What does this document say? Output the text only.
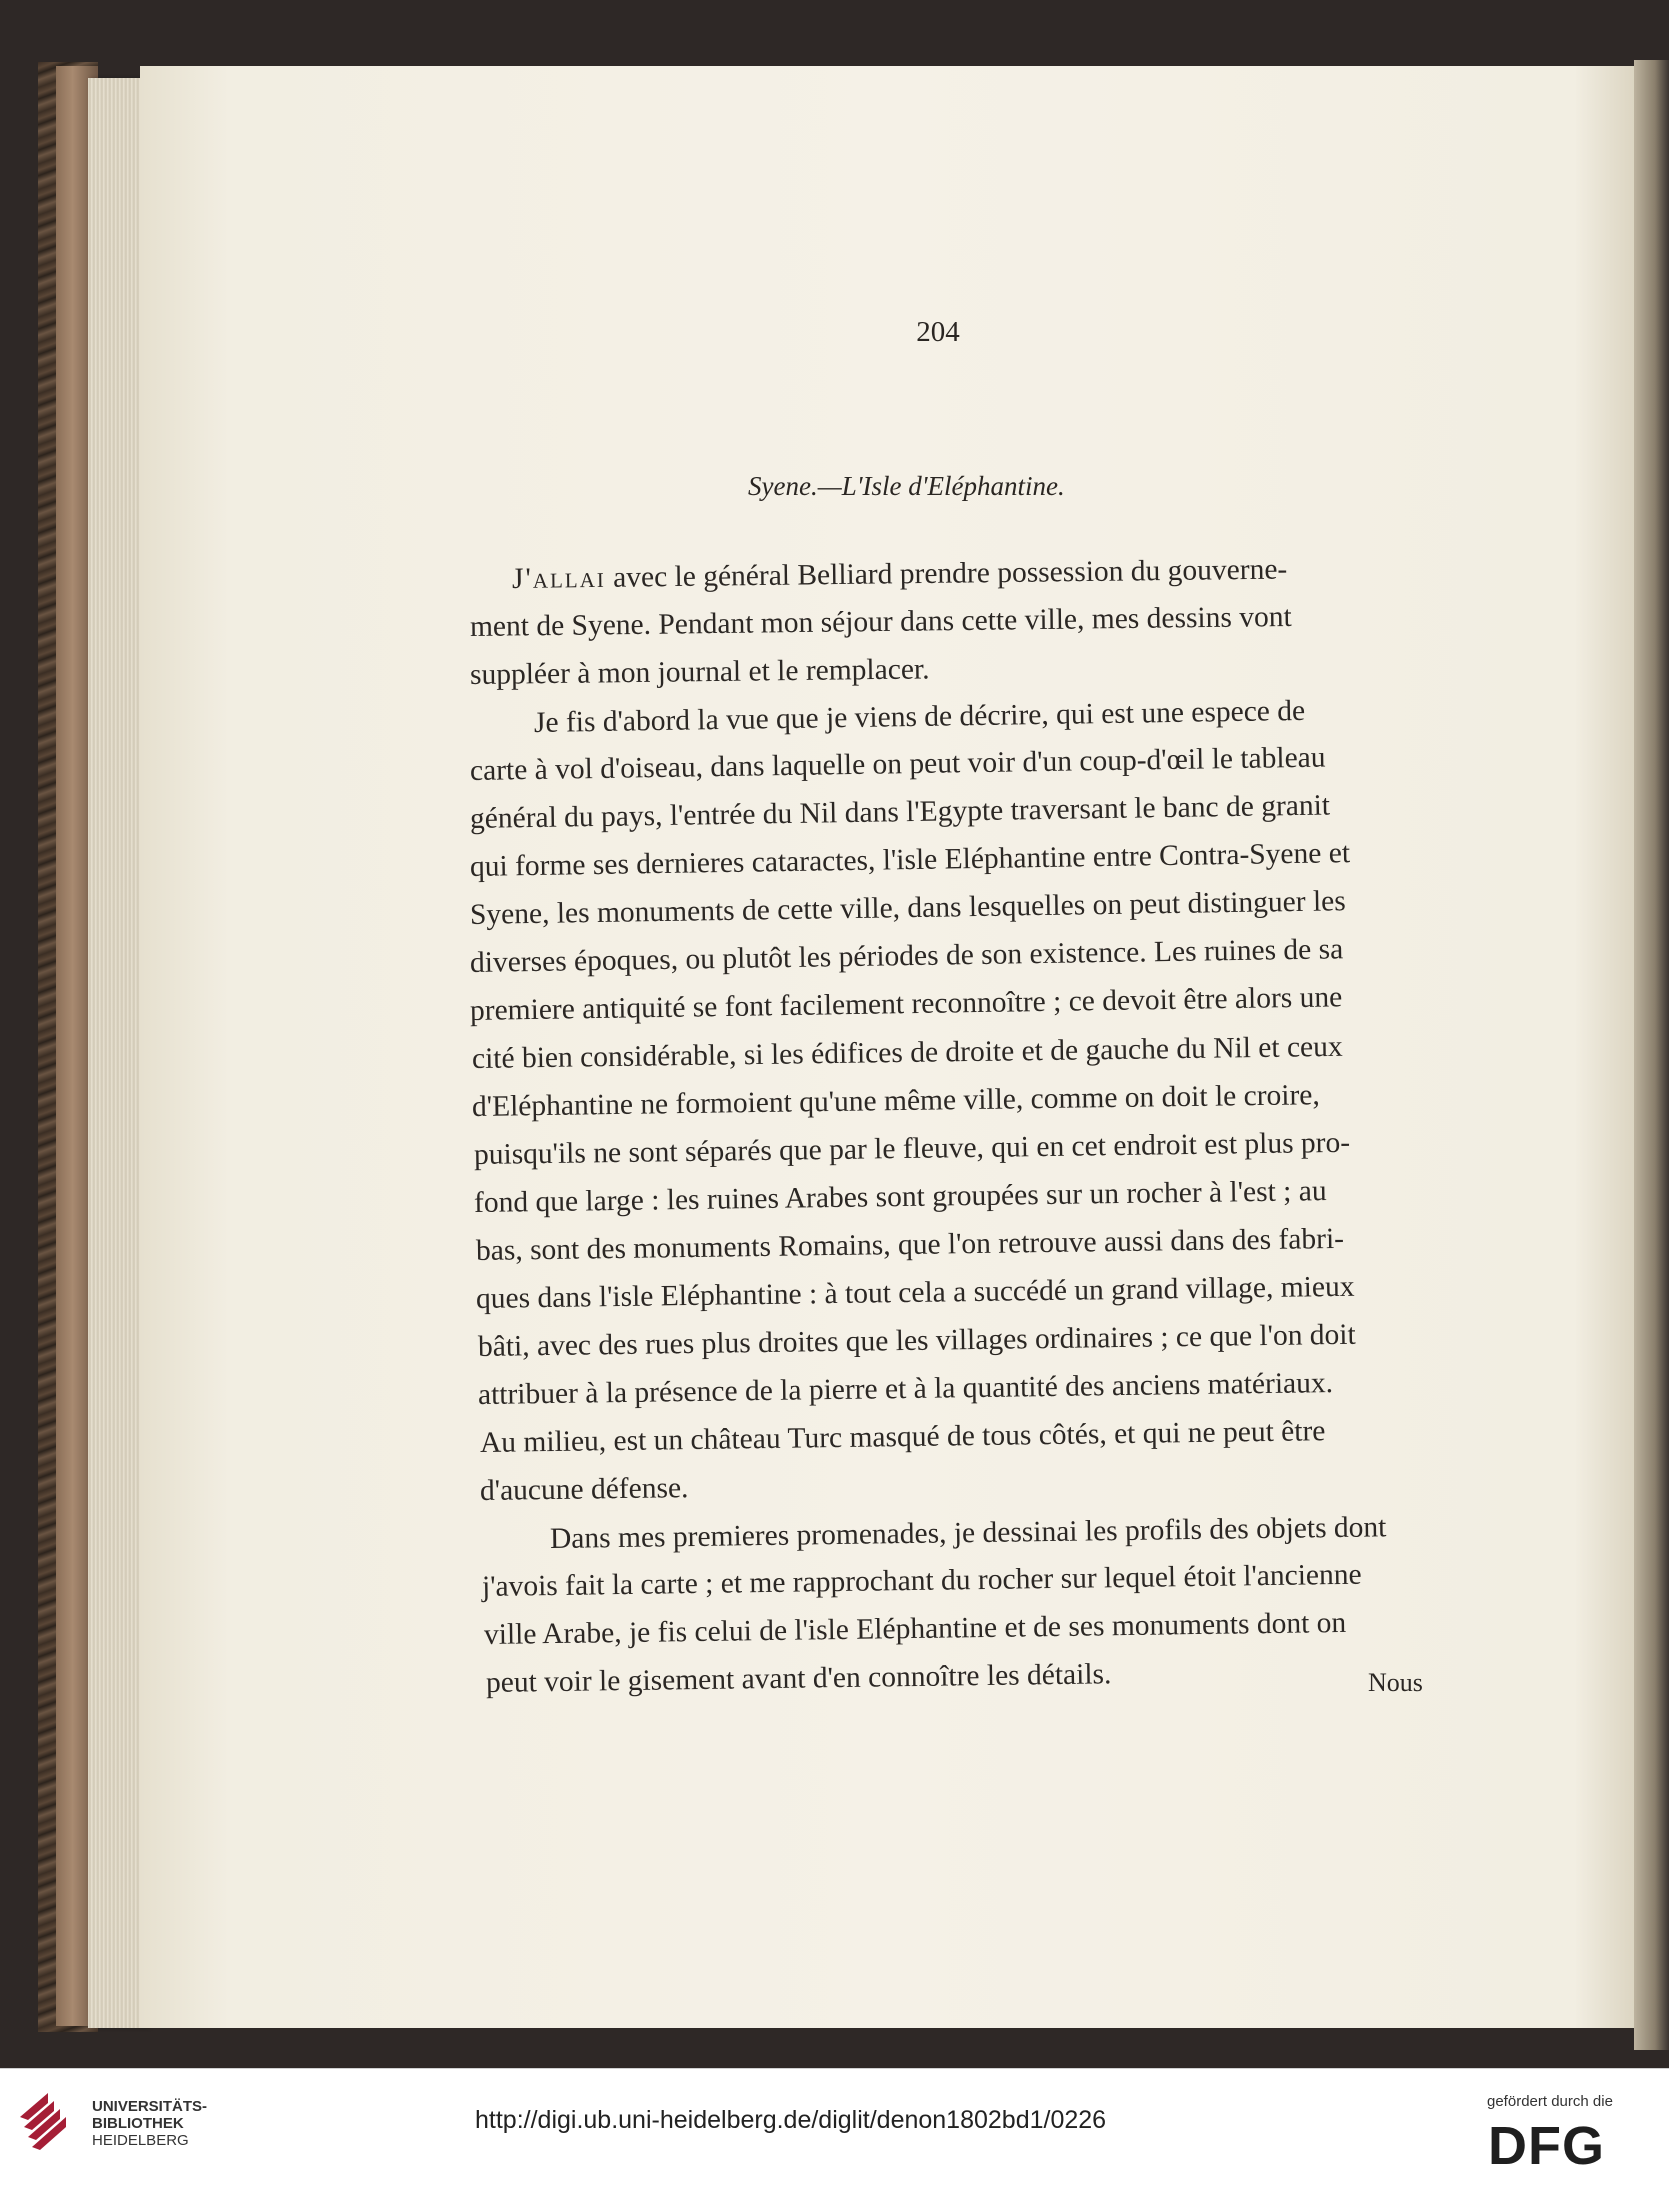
204
Syene.—L'Isle d'Eléphantine.
J'allai avec le général Belliard prendre possession du gouverne-
ment de Syene. Pendant mon séjour dans cette ville, mes dessins vont
suppléer à mon journal et le remplacer.
Je fis d'abord la vue que je viens de décrire, qui est une espece de
carte à vol d'oiseau, dans laquelle on peut voir d'un coup-d'œil le tableau
général du pays, l'entrée du Nil dans l'Egypte traversant le banc de granit
qui forme ses dernieres cataractes, l'isle Eléphantine entre Contra-Syene et
Syene, les monuments de cette ville, dans lesquelles on peut distinguer les
diverses époques, ou plutôt les périodes de son existence. Les ruines de sa
premiere antiquité se font facilement reconnoître ; ce devoit être alors une
cité bien considérable, si les édifices de droite et de gauche du Nil et ceux
d'Eléphantine ne formoient qu'une même ville, comme on doit le croire,
puisqu'ils ne sont séparés que par le fleuve, qui en cet endroit est plus pro-
fond que large : les ruines Arabes sont groupées sur un rocher à l'est ; au
bas, sont des monuments Romains, que l'on retrouve aussi dans des fabri-
ques dans l'isle Eléphantine : à tout cela a succédé un grand village, mieux
bâti, avec des rues plus droites que les villages ordinaires ; ce que l'on doit
attribuer à la présence de la pierre et à la quantité des anciens matériaux.
Au milieu, est un château Turc masqué de tous côtés, et qui ne peut être
d'aucune défense.
Dans mes premieres promenades, je dessinai les profils des objets dont
j'avois fait la carte ; et me rapprochant du rocher sur lequel étoit l'ancienne
ville Arabe, je fis celui de l'isle Eléphantine et de ses monuments dont on
peut voir le gisement avant d'en connoître les détails.	Nous
UNIVERSITÄTS-
BIBLIOTHEK
HEIDELBERG
http://digi.ub.uni-heidelberg.de/diglit/denon1802bd1/0226
gefördert durch die
DFG
